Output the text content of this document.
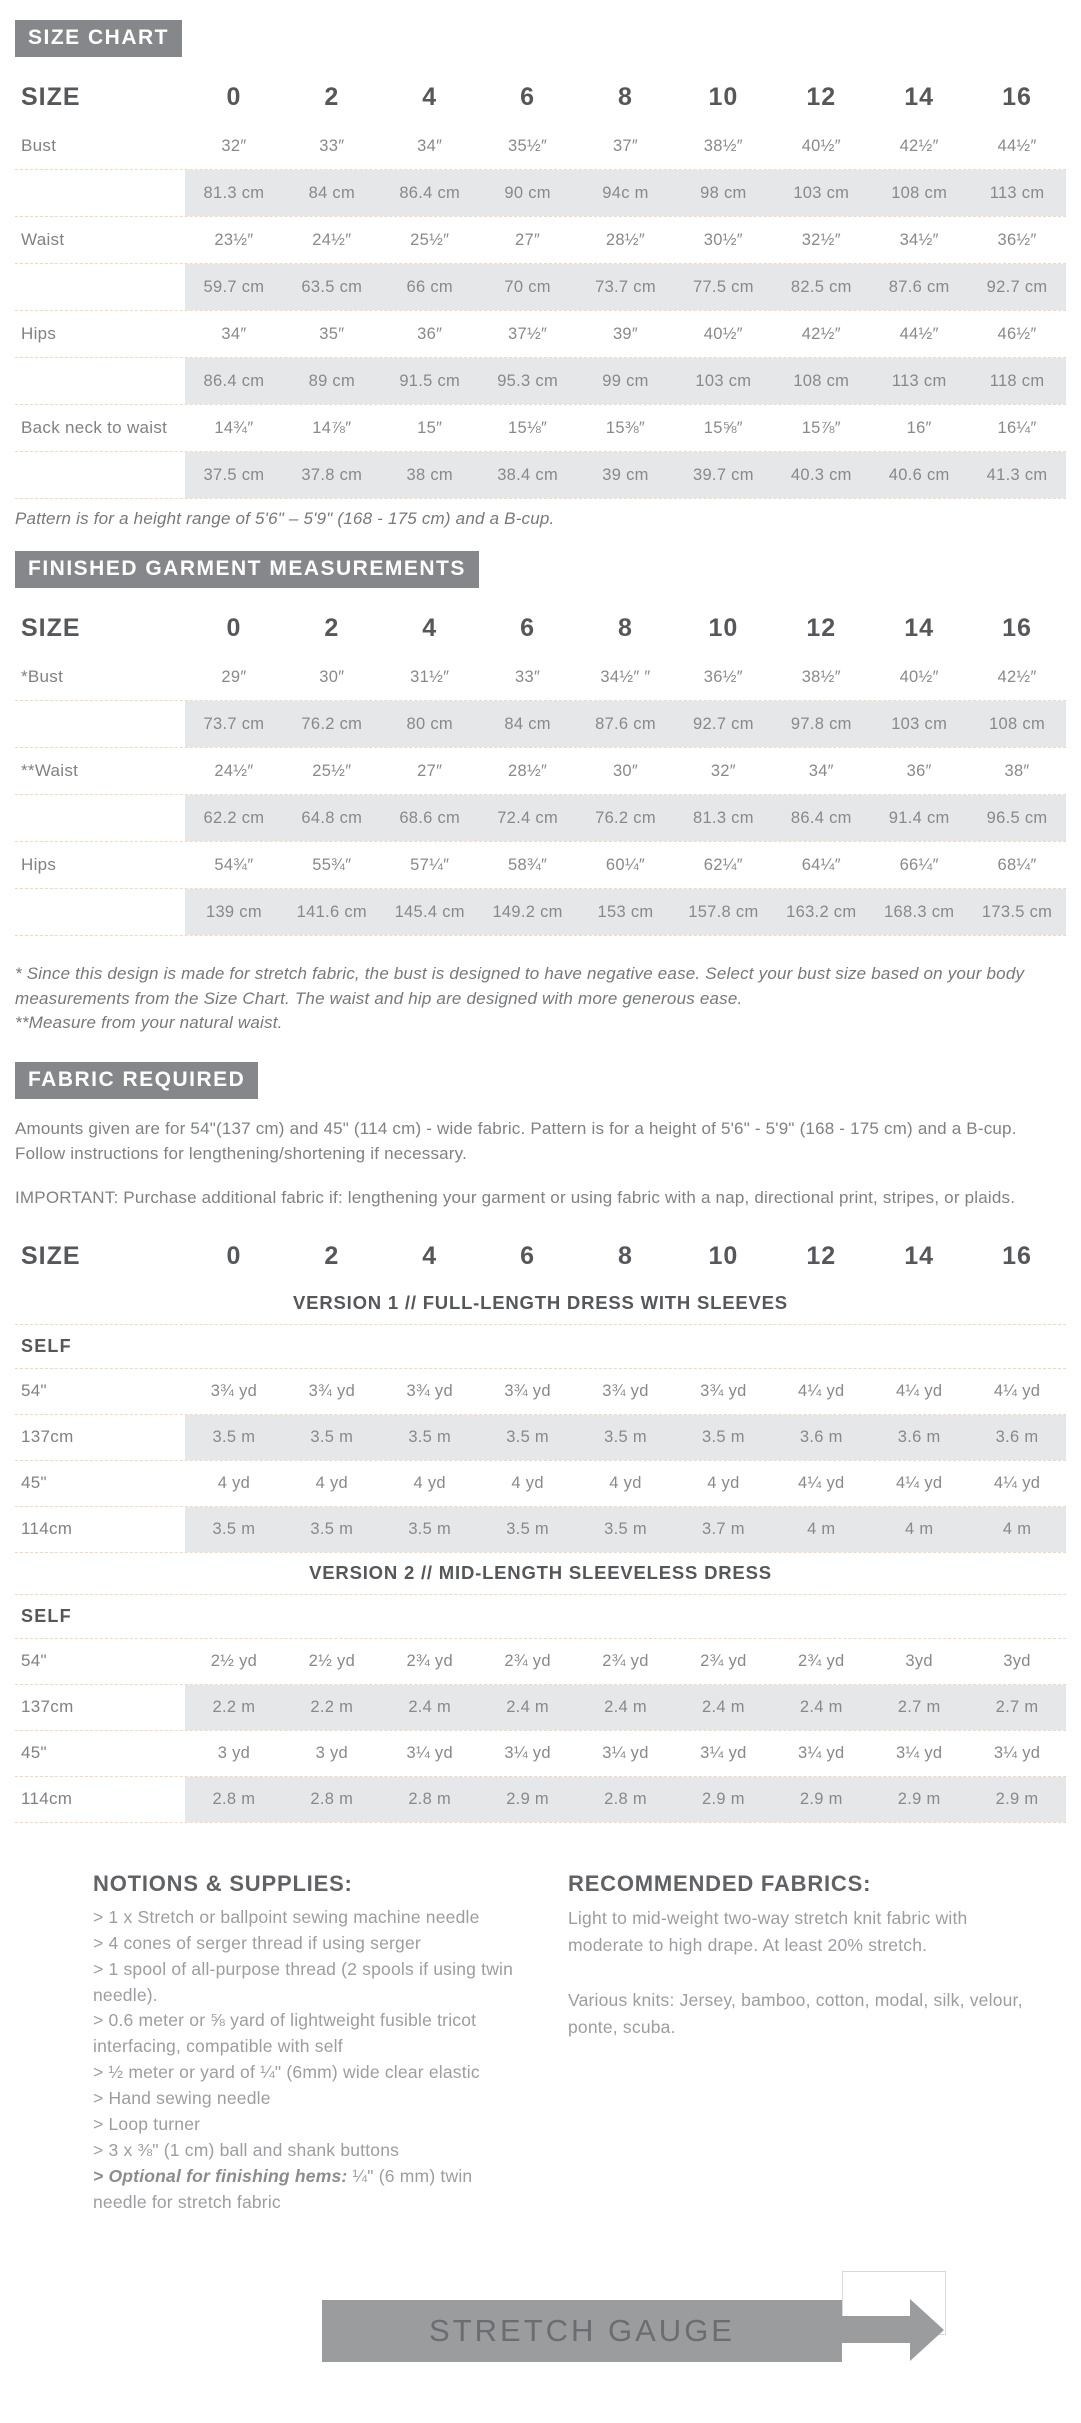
SIZE CHART
SIZE	0	2	4	6	8	10	12	14	16
Bust	32″	33″	34″	35½″	37″	38½″	40½″	42½″	44½″
81.3 cm	84 cm	86.4 cm	90 cm	94c m	98 cm	103 cm	108 cm	113 cm
Waist	23½″	24½″	25½″	27″	28½″	30½″	32½″	34½″	36½″
59.7 cm	63.5 cm	66 cm	70 cm	73.7 cm	77.5 cm	82.5 cm	87.6 cm	92.7 cm
Hips	34″	35″	36″	37½″	39″	40½″	42½″	44½″	46½″
86.4 cm	89 cm	91.5 cm	95.3 cm	99 cm	103 cm	108 cm	113 cm	118 cm
Back neck to waist	14¾″	14⅞″	15″	15⅛″	15⅜″	15⅝″	15⅞″	16″	16¼″
37.5 cm	37.8 cm	38 cm	38.4 cm	39 cm	39.7 cm	40.3 cm	40.6 cm	41.3 cm
Pattern is for a height range of 5'6" – 5'9" (168 - 175 cm) and a B-cup.
FINISHED GARMENT MEASUREMENTS
SIZE	0	2	4	6	8	10	12	14	16
*Bust	29″	30″	31½″	33″	34½″ ″	36½″	38½″	40½″	42½″
73.7 cm	76.2 cm	80 cm	84 cm	87.6 cm	92.7 cm	97.8 cm	103 cm	108 cm
**Waist	24½″	25½″	27″	28½″	30″	32″	34″	36″	38″
62.2 cm	64.8 cm	68.6 cm	72.4 cm	76.2 cm	81.3 cm	86.4 cm	91.4 cm	96.5 cm
Hips	54¾″	55¾″	57¼″	58¾″	60¼″	62¼″	64¼″	66¼″	68¼″
139 cm	141.6 cm	145.4 cm	149.2 cm	153 cm	157.8 cm	163.2 cm	168.3 cm	173.5 cm
* Since this design is made for stretch fabric, the bust is designed to have negative ease. Select your bust size based on your body measurements from the Size Chart. The waist and hip are designed with more generous ease.
**Measure from your natural waist.
FABRIC REQUIRED
Amounts given are for 54"(137 cm) and 45" (114 cm) - wide fabric. Pattern is for a height of 5'6" - 5'9" (168 - 175 cm) and a B-cup. Follow instructions for lengthening/shortening if necessary.
IMPORTANT: Purchase additional fabric if: lengthening your garment or using fabric with a nap, directional print, stripes, or plaids.
SIZE	0	2	4	6	8	10	12	14	16
VERSION 1 // FULL-LENGTH DRESS WITH SLEEVES
SELF
54"	3¾ yd	3¾ yd	3¾ yd	3¾ yd	3¾ yd	3¾ yd	4¼ yd	4¼ yd	4¼ yd
137cm	3.5 m	3.5 m	3.5 m	3.5 m	3.5 m	3.5 m	3.6 m	3.6 m	3.6 m
45"	4 yd	4 yd	4 yd	4 yd	4 yd	4 yd	4¼ yd	4¼ yd	4¼ yd
114cm	3.5 m	3.5 m	3.5 m	3.5 m	3.5 m	3.7 m	4 m	4 m	4 m
VERSION 2 // MID-LENGTH SLEEVELESS DRESS
SELF
54"	2½ yd	2½ yd	2¾ yd	2¾ yd	2¾ yd	2¾ yd	2¾ yd	3yd	3yd
137cm	2.2 m	2.2 m	2.4 m	2.4 m	2.4 m	2.4 m	2.4 m	2.7 m	2.7 m
45"	3 yd	3 yd	3¼ yd	3¼ yd	3¼ yd	3¼ yd	3¼ yd	3¼ yd	3¼ yd
114cm	2.8 m	2.8 m	2.8 m	2.9 m	2.8 m	2.9 m	2.9 m	2.9 m	2.9 m
NOTIONS & SUPPLIES:
> 1 x Stretch or ballpoint sewing machine needle
> 4 cones of serger thread if using serger
> 1 spool of all-purpose thread (2 spools if using twin needle).
> 0.6 meter or ⅝ yard of lightweight fusible tricot interfacing, compatible with self
> ½ meter or yard of ¼" (6mm) wide clear elastic
> Hand sewing needle
> Loop turner
> 3 x ⅜" (1 cm) ball and shank buttons
> Optional for finishing hems: ¼" (6 mm) twin needle for stretch fabric
RECOMMENDED FABRICS:
Light to mid-weight two-way stretch knit fabric with moderate to high drape. At least 20% stretch.
Various knits: Jersey, bamboo, cotton, modal, silk, velour, ponte, scuba.
STRETCH GAUGE
